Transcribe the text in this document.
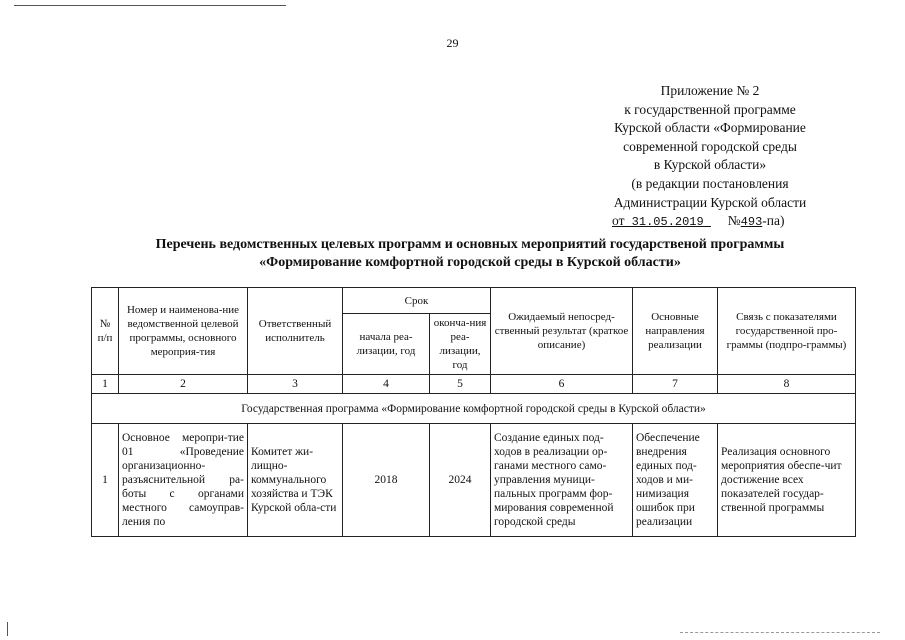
29
Приложение № 2
к государственной программе
Курской области «Формирование
современной городской среды
в Курской области»
(в редакции постановления
Администрации Курской области
от 31.05.2019      №493-па)
Перечень ведомственных целевых программ и основных мероприятий государственой программы
«Формирование комфортной городской среды в Курской области»
№ п/п	Номер и наименова-ние ведомственной целевой программы, основного мероприя-тия	Ответственный исполнитель	Срок		Ожидаемый непосред-ственный результат (краткое описание)	Основные направления реализации	Связь с показателями государственной про-граммы (подпро-граммы)
			начала реа-лизации, год	оконча-ния реа-лизации, год			
1	2	3	4	5	6	7	8
Государственная программа «Формирование комфортной городской среды в Курской области»							
1	Основное меропри-тие 01 «Проведение организационно-разъяснительной ра-боты с органами местного самоуправ-ления по	Комитет жи-лищно-коммунального хозяйства и ТЭК Курской обла-сти	2018	2024	Создание единых под-ходов в реализации ор-ганами местного само-управления муници-пальных программ фор-мирования современной городской среды	Обеспечение внедрения единых под-ходов и ми-нимизация ошибок при реализации	Реализация основного мероприятия обеспе-чит достижение всех показателей государ-ственной программы
